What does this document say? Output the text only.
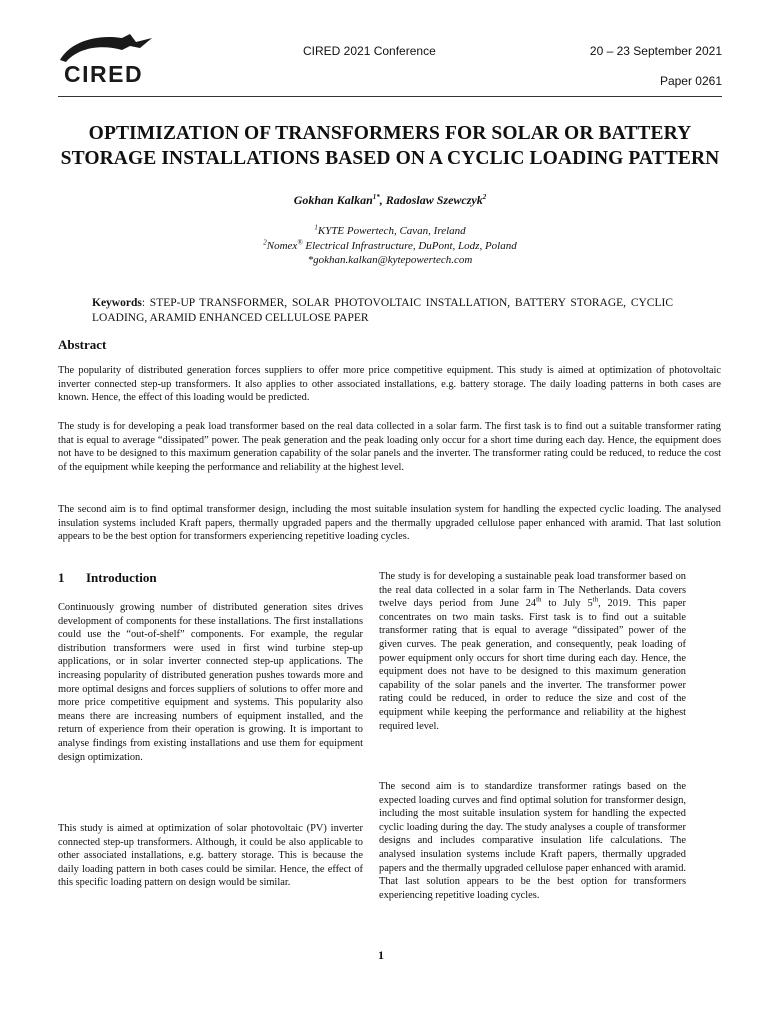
CIRED
CIRED 2021 Conference	20 – 23 September 2021
Paper 0261
OPTIMIZATION OF TRANSFORMERS FOR SOLAR OR BATTERY STORAGE INSTALLATIONS BASED ON A CYCLIC LOADING PATTERN
Gokhan Kalkan$^{1*}$, Radoslaw Szewczyk$^2$
$^1$KYTE Powertech, Cavan, Ireland
$^2$Nomex® Electrical Infrastructure, DuPont, Lodz, Poland
*gokhan.kalkan@kytepowertech.com
Keywords: STEP-UP TRANSFORMER, SOLAR PHOTOVOLTAIC INSTALLATION, BATTERY STORAGE, CYCLIC LOADING, ARAMID ENHANCED CELLULOSE PAPER
Abstract
The popularity of distributed generation forces suppliers to offer more price competitive equipment. This study is aimed at optimization of photovoltaic inverter connected step-up transformers. It also applies to other associated installations, e.g. battery storage. The daily loading patterns in both cases are known. Hence, the effect of this loading would be predicted.
The study is for developing a peak load transformer based on the real data collected in a solar farm. The first task is to find out a suitable transformer rating that is equal to average “dissipated” power. The peak generation and the peak loading only occur for a short time during each day. Hence, the equipment does not have to be designed to this maximum generation capability of the solar panels and the inverter. The transformer rating could be reduced, to reduce the cost of the equipment while keeping the performance and reliability at the highest level.
The second aim is to find optimal transformer design, including the most suitable insulation system for handling the expected cyclic loading. The analysed insulation systems included Kraft papers, thermally upgraded papers and the thermally upgraded cellulose paper enhanced with aramid. That last solution appears to be the best option for transformers experiencing repetitive loading cycles.
1 Introduction
Continuously growing number of distributed generation sites drives development of components for these installations. The first installations could use the “out-of-shelf” components. For example, the regular distribution transformers were used in first wind turbine step-up applications, or in solar inverter connected step-up applications. The increasing popularity of distributed generation pushes towards more and more optimal designs and forces suppliers of solutions to offer more and more price competitive equipment and systems. This popularity also means there are increasing numbers of equipment installed, and the return of experience from their operation is growing. It is important to analyse findings from existing installations and use them for equipment design optimization.
This study is aimed at optimization of solar photovoltaic (PV) inverter connected step-up transformers. Although, it could be also applicable to other associated installations, e.g. battery storage. This is because the daily loading pattern in both cases could be similar. Hence, the effect of this specific loading pattern on design would be similar.
The study is for developing a sustainable peak load transformer based on the real data collected in a solar farm in The Netherlands. Data covers twelve days period from June 24th to July 5th, 2019. This paper concentrates on two main tasks. First task is to find out a suitable transformer rating that is equal to average “dissipated” power of the given curves. The peak generation, and consequently, peak loading of power equipment only occurs for short time during each day. Hence, the equipment does not have to be designed to this maximum generation capability of the solar panels and the inverter. The transformer power rating could be reduced, in order to reduce the size and cost of the equipment while keeping the performance and reliability at the highest required level.
The second aim is to standardize transformer ratings based on the expected loading curves and find optimal solution for transformer design, including the most suitable insulation system for handling the expected cyclic loading during the day. The study analyses a couple of transformer designs and includes comparative insulation life calculations. The analysed insulation systems include Kraft papers, thermally upgraded papers and the thermally upgraded cellulose paper enhanced with aramid. That last solution appears to be the best option for transformers experiencing repetitive loading cycles.
1
